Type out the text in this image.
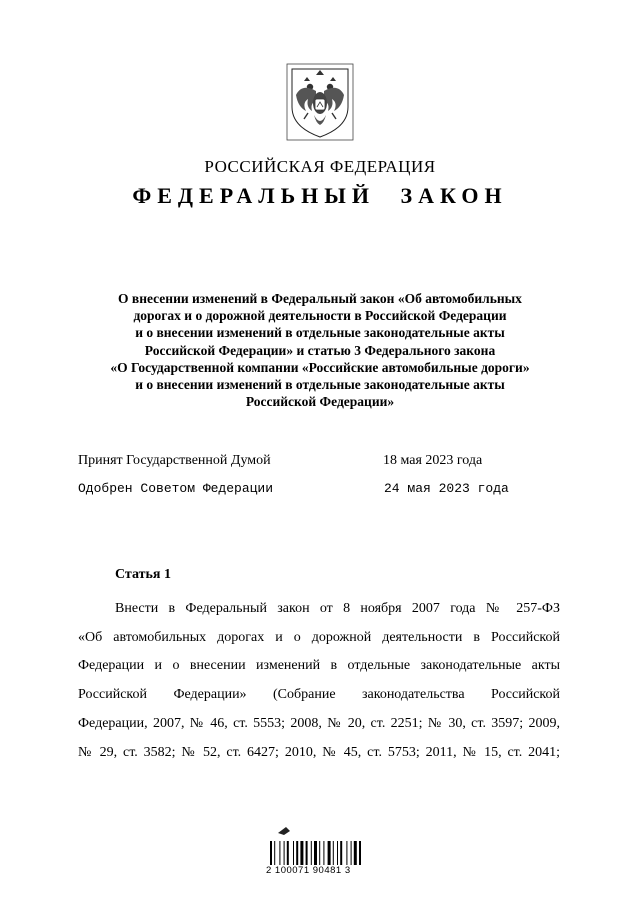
РОССИЙСКАЯ ФЕДЕРАЦИЯ
ФЕДЕРАЛЬНЫЙ ЗАКОН
О внесении изменений в Федеральный закон «Об автомобильных
дорогах и о дорожной деятельности в Российской Федерации
и о внесении изменений в отдельные законодательные акты
Российской Федерации» и статью 3 Федерального закона
«О Государственной компании «Российские автомобильные дороги»
и о внесении изменений в отдельные законодательные акты
Российской Федерации»
Принят Государственной Думой	18 мая 2023 года
Одобрен Советом Федерации	24 мая 2023 года
Статья 1
Внести в Федеральный закон от 8 ноября 2007 года № 257-ФЗ
«Об автомобильных дорогах и о дорожной деятельности в Российской
Федерации и о внесении изменений в отдельные законодательные акты
Российской Федерации» (Собрание законодательства Российской
Федерации, 2007, № 46, ст. 5553; 2008, № 20, ст. 2251; № 30, ст. 3597; 2009,
№ 29, ст. 3582; № 52, ст. 6427; 2010, № 45, ст. 5753; 2011, № 15, ст. 2041;
2 100071 90481 3
